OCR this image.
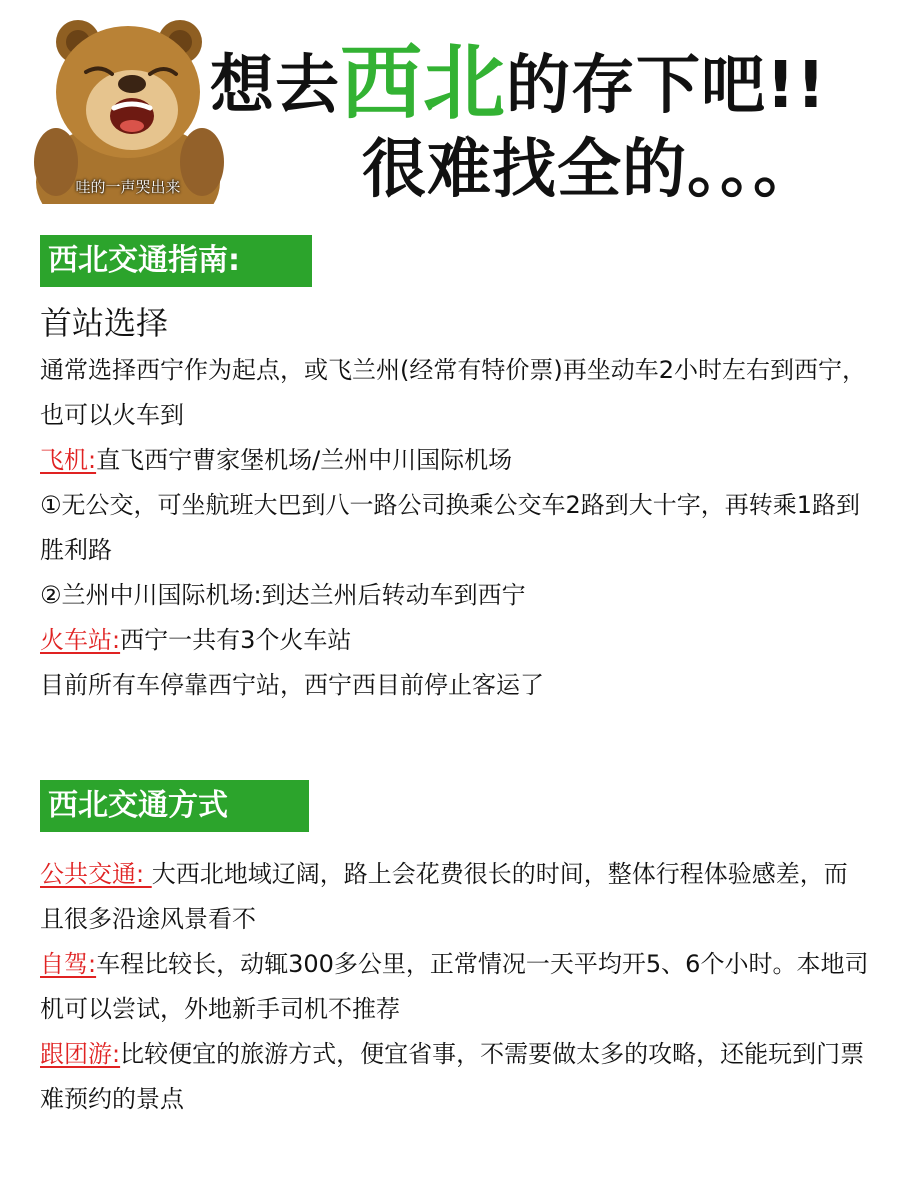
哇的一声哭出来
想去西北的存下吧!!
很难找全的。。。
西北交通指南:
首站选择
通常选择西宁作为起点，或飞兰州(经常有特价票)再坐动车2小时左右到西宁，也可以火车到
飞机:直飞西宁曹家堡机场/兰州中川国际机场
①无公交，可坐航班大巴到八一路公司换乘公交车2路到大十字，再转乘1路到胜利路
②兰州中川国际机场:到达兰州后转动车到西宁
火车站:西宁一共有3个火车站
目前所有车停靠西宁站，西宁西目前停止客运了
西北交通方式
公共交通: 大西北地域辽阔，路上会花费很长的时间，整体行程体验感差，而且很多沿途风景看不
自驾:车程比较长，动辄300多公里，正常情况一天平均开5、6个小时。本地司机可以尝试，外地新手司机不推荐
跟团游:比较便宜的旅游方式，便宜省事，不需要做太多的攻略，还能玩到门票难预约的景点
